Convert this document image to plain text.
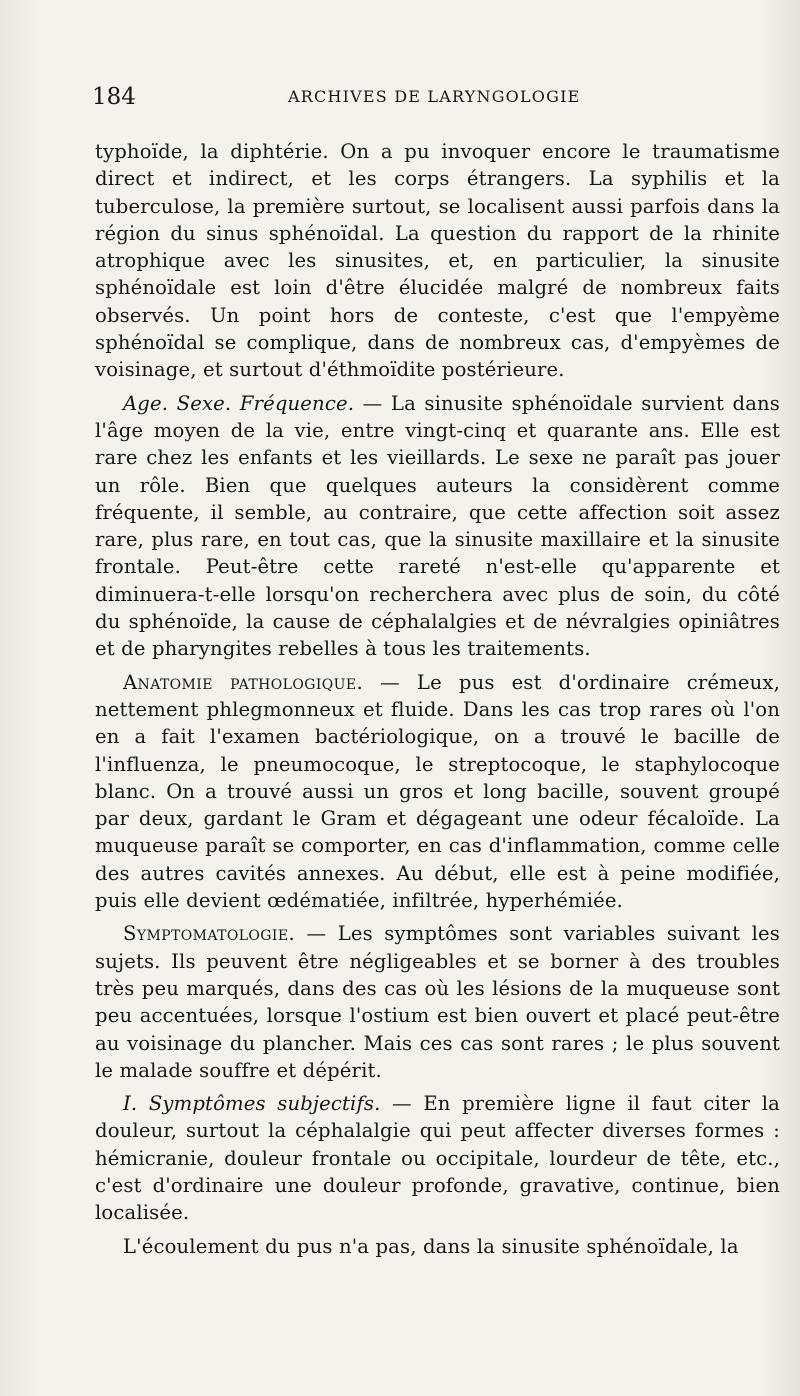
184	ARCHIVES DE LARYNGOLOGIE

typhoïde, la diphtérie. On a pu invoquer encore le traumatisme direct et indirect, et les corps étrangers. La syphilis et la tuberculose, la première surtout, se localisent aussi parfois dans la région du sinus sphénoïdal. La question du rapport de la rhinite atrophique avec les sinusites, et, en particulier, la sinusite sphénoïdale est loin d'être élucidée malgré de nombreux faits observés. Un point hors de conteste, c'est que l'empyème sphénoïdal se complique, dans de nombreux cas, d'empyèmes de voisinage, et surtout d'éthmoïdite postérieure.

Age. Sexe. Fréquence. — La sinusite sphénoïdale survient dans l'âge moyen de la vie, entre vingt-cinq et quarante ans. Elle est rare chez les enfants et les vieillards. Le sexe ne paraît pas jouer un rôle. Bien que quelques auteurs la considèrent comme fréquente, il semble, au contraire, que cette affection soit assez rare, plus rare, en tout cas, que la sinusite maxillaire et la sinusite frontale. Peut-être cette rareté n'est-elle qu'apparente et diminuera-t-elle lorsqu'on recherchera avec plus de soin, du côté du sphénoïde, la cause de céphalalgies et de névralgies opiniâtres et de pharyngites rebelles à tous les traitements.

Anatomie pathologique. — Le pus est d'ordinaire crémeux, nettement phlegmonneux et fluide. Dans les cas trop rares où l'on en a fait l'examen bactériologique, on a trouvé le bacille de l'influenza, le pneumocoque, le streptocoque, le staphylocoque blanc. On a trouvé aussi un gros et long bacille, souvent groupé par deux, gardant le Gram et dégageant une odeur fécaloïde. La muqueuse paraît se comporter, en cas d'inflammation, comme celle des autres cavités annexes. Au début, elle est à peine modifiée, puis elle devient œdématiée, infiltrée, hyperhémiée.

Symptomatologie. — Les symptômes sont variables suivant les sujets. Ils peuvent être négligeables et se borner à des troubles très peu marqués, dans des cas où les lésions de la muqueuse sont peu accentuées, lorsque l'ostium est bien ouvert et placé peut-être au voisinage du plancher. Mais ces cas sont rares ; le plus souvent le malade souffre et dépérit.

I. Symptômes subjectifs. — En première ligne il faut citer la douleur, surtout la céphalalgie qui peut affecter diverses formes : hémicranie, douleur frontale ou occipitale, lourdeur de tête, etc., c'est d'ordinaire une douleur profonde, gravative, continue, bien localisée.

L'écoulement du pus n'a pas, dans la sinusite sphénoïdale, la
